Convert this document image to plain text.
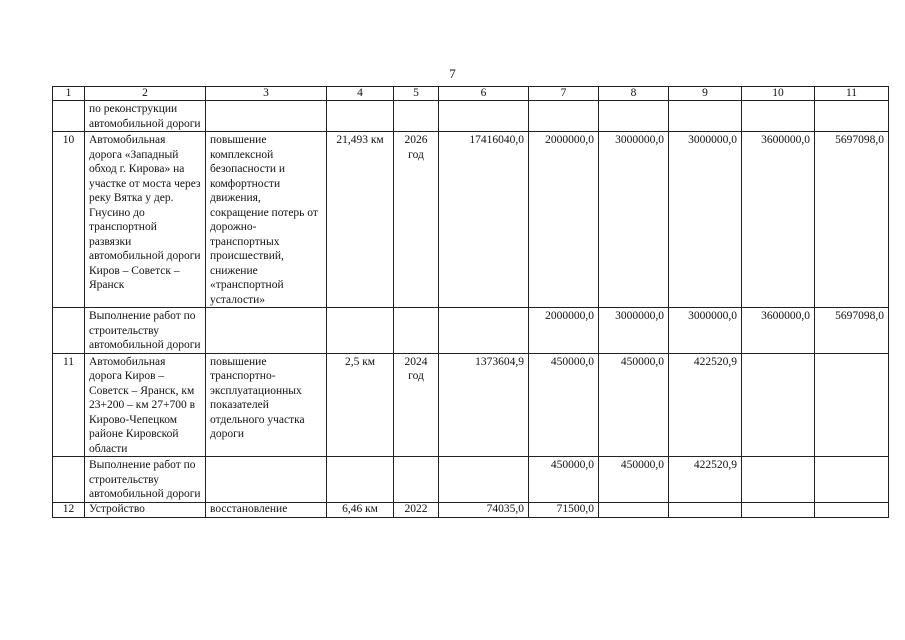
7
1	2	3	4	5	6	7	8	9	10	11
	по реконструкции автомобильной дороги									
10	Автомобильная дорога «Западный обход г. Кирова» на участке от моста через реку Вятка у дер. Гнусино до транспортной развязки автомобильной дороги Киров – Советск – Яранск	повышение комплексной безопасности и комфортности движения, сокращение потерь от дорожно-транспортных происшествий, снижение «транспортной усталости»	21,493 км	2026 год	17416040,0	2000000,0	3000000,0	3000000,0	3600000,0	5697098,0
	Выполнение работ по строительству автомобильной дороги					2000000,0	3000000,0	3000000,0	3600000,0	5697098,0
11	Автомобильная дорога Киров – Советск – Яранск, км 23+200 – км 27+700 в Кирово-Чепецком районе Кировской области	повышение транспортно-эксплуатационных показателей отдельного участка дороги	2,5 км	2024 год	1373604,9	450000,0	450000,0	422520,9		
	Выполнение работ по строительству автомобильной дороги					450000,0	450000,0	422520,9		
12	Устройство	восстановление	6,46 км	2022	74035,0	71500,0				
